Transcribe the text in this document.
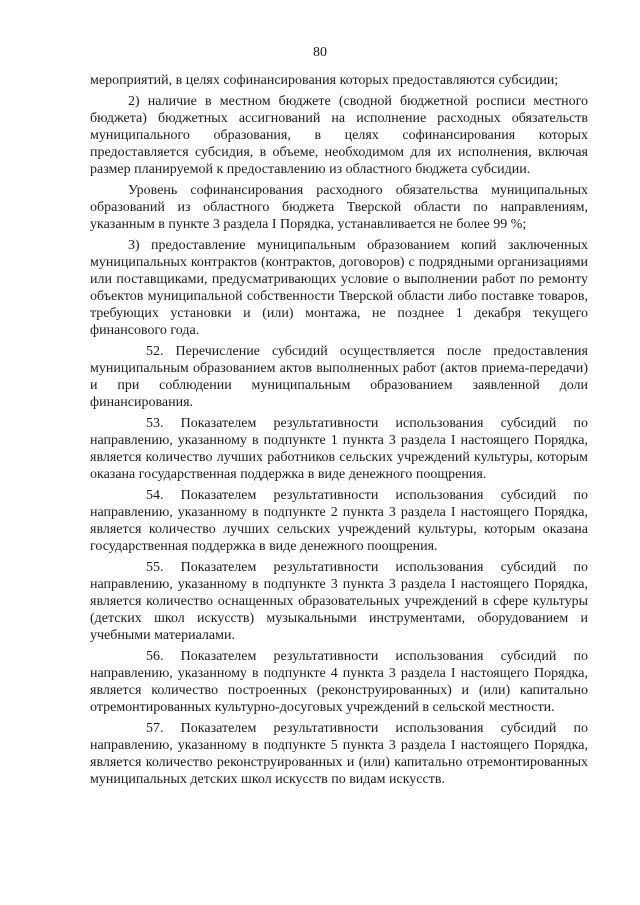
80

мероприятий, в целях софинансирования которых предоставляются субсидии;

2) наличие в местном бюджете (сводной бюджетной росписи местного бюджета) бюджетных ассигнований на исполнение расходных обязательств муниципального образования, в целях софинансирования которых предоставляется субсидия, в объеме, необходимом для их исполнения, включая размер планируемой к предоставлению из областного бюджета субсидии.

Уровень софинансирования расходного обязательства муниципальных образований из областного бюджета Тверской области по направлениям, указанным в пункте 3 раздела I Порядка, устанавливается не более 99 %;

3) предоставление муниципальным образованием копий заключенных муниципальных контрактов (контрактов, договоров) с подрядными организациями или поставщиками, предусматривающих условие о выполнении работ по ремонту объектов муниципальной собственности Тверской области либо поставке товаров, требующих установки и (или) монтажа, не позднее 1 декабря текущего финансового года.

52. Перечисление субсидий осуществляется после предоставления муниципальным образованием актов выполненных работ (актов приема-передачи) и при соблюдении муниципальным образованием заявленной доли финансирования.

53. Показателем результативности использования субсидий по направлению, указанному в подпункте 1 пункта 3 раздела I настоящего Порядка, является количество лучших работников сельских учреждений культуры, которым оказана государственная поддержка в виде денежного поощрения.

54. Показателем результативности использования субсидий по направлению, указанному в подпункте 2 пункта 3 раздела I настоящего Порядка, является количество лучших сельских учреждений культуры, которым оказана государственная поддержка в виде денежного поощрения.

55. Показателем результативности использования субсидий по направлению, указанному в подпункте 3 пункта 3 раздела I настоящего Порядка, является количество оснащенных образовательных учреждений в сфере культуры (детских школ искусств) музыкальными инструментами, оборудованием и учебными материалами.

56. Показателем результативности использования субсидий по направлению, указанному в подпункте 4 пункта 3 раздела I настоящего Порядка, является количество построенных (реконструированных) и (или) капитально отремонтированных культурно-досуговых учреждений в сельской местности.

57. Показателем результативности использования субсидий по направлению, указанному в подпункте 5 пункта 3 раздела I настоящего Порядка, является количество реконструированных и (или) капитально отремонтированных муниципальных детских школ искусств по видам искусств.
